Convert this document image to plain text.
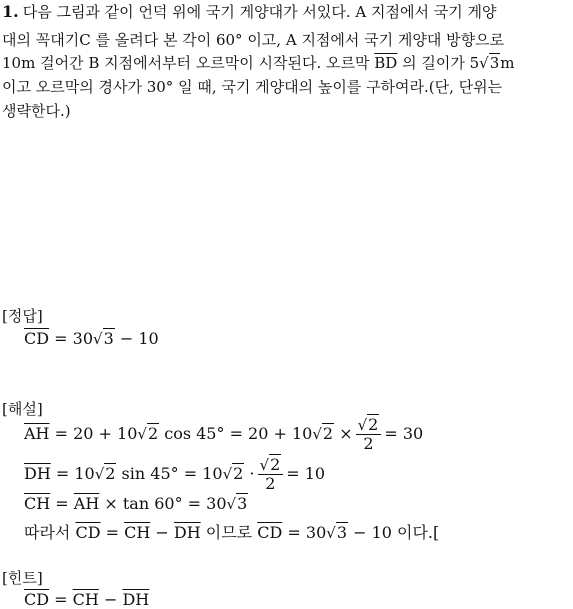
1. 다음 그림과 같이 언덕 위에 국기 게양대가 서있다. A 지점에서 국기 게양
대의 꼭대기C 를 올려다 본 각이 60° 이고, A 지점에서 국기 게양대 방향으로
10m 걸어간 B 지점에서부터 오르막이 시작된다. 오르막 $\overline{BD}$ 의 길이가 5√3m
이고 오르막의 경사가 30° 일 때, 국기 게양대의 높이를 구하여라.(단, 단위는
생략한다.)
[정답]
$\overline{CD} = 30√3 - 10$
[해설]
$\overline{AH} = 20 + 10√2$ $\cos 45^\circ = 20 + 10√2 \times \frac{√2}{2} = 30$
$\overline{DH} = 10√2$ $\sin 45^\circ = 10√2 \cdot \frac{√2}{2} = 10$
$\overline{CH} = \overline{AH} \times \tan 60^\circ = 30√3$
따라서 $\overline{CD} = \overline{CH} - \overline{DH}$ 이므로 $\overline{CD} = 30√3 - 10$ 이다.[
[힌트]
$\overline{CD} = \overline{CH} - \overline{DH}$
